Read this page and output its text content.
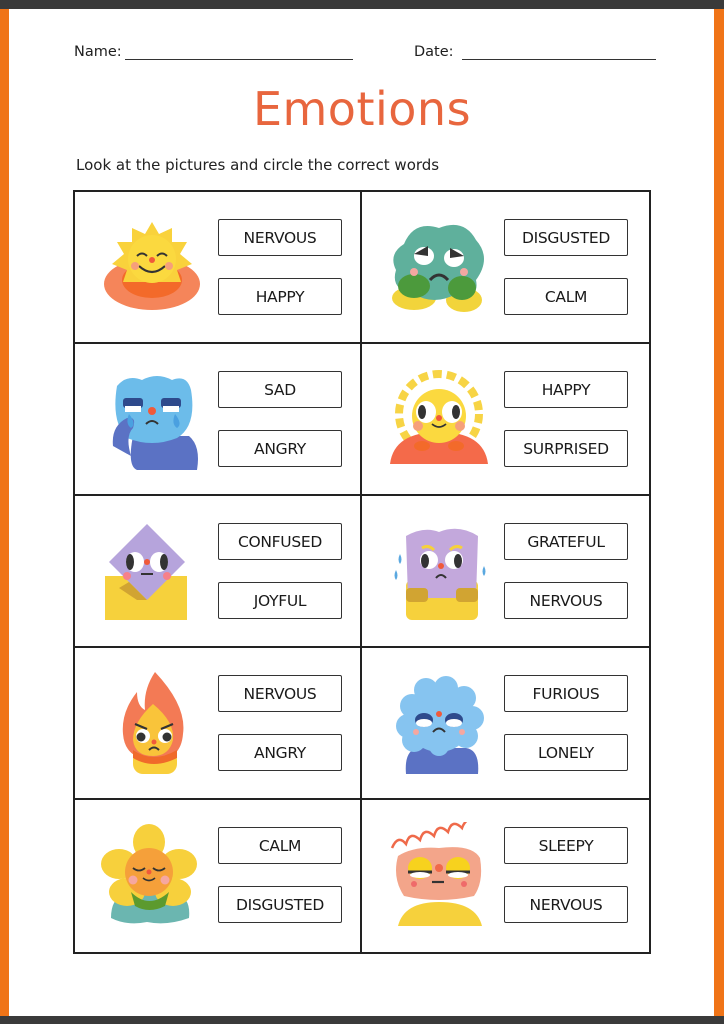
Name:	Date:
Emotions
Look at the pictures and circle the correct words
NERVOUS
HAPPY
DISGUSTED
CALM
SAD
ANGRY
HAPPY
SURPRISED
CONFUSED
JOYFUL
GRATEFUL
NERVOUS
NERVOUS
ANGRY
FURIOUS
LONELY
CALM
DISGUSTED
SLEEPY
NERVOUS
